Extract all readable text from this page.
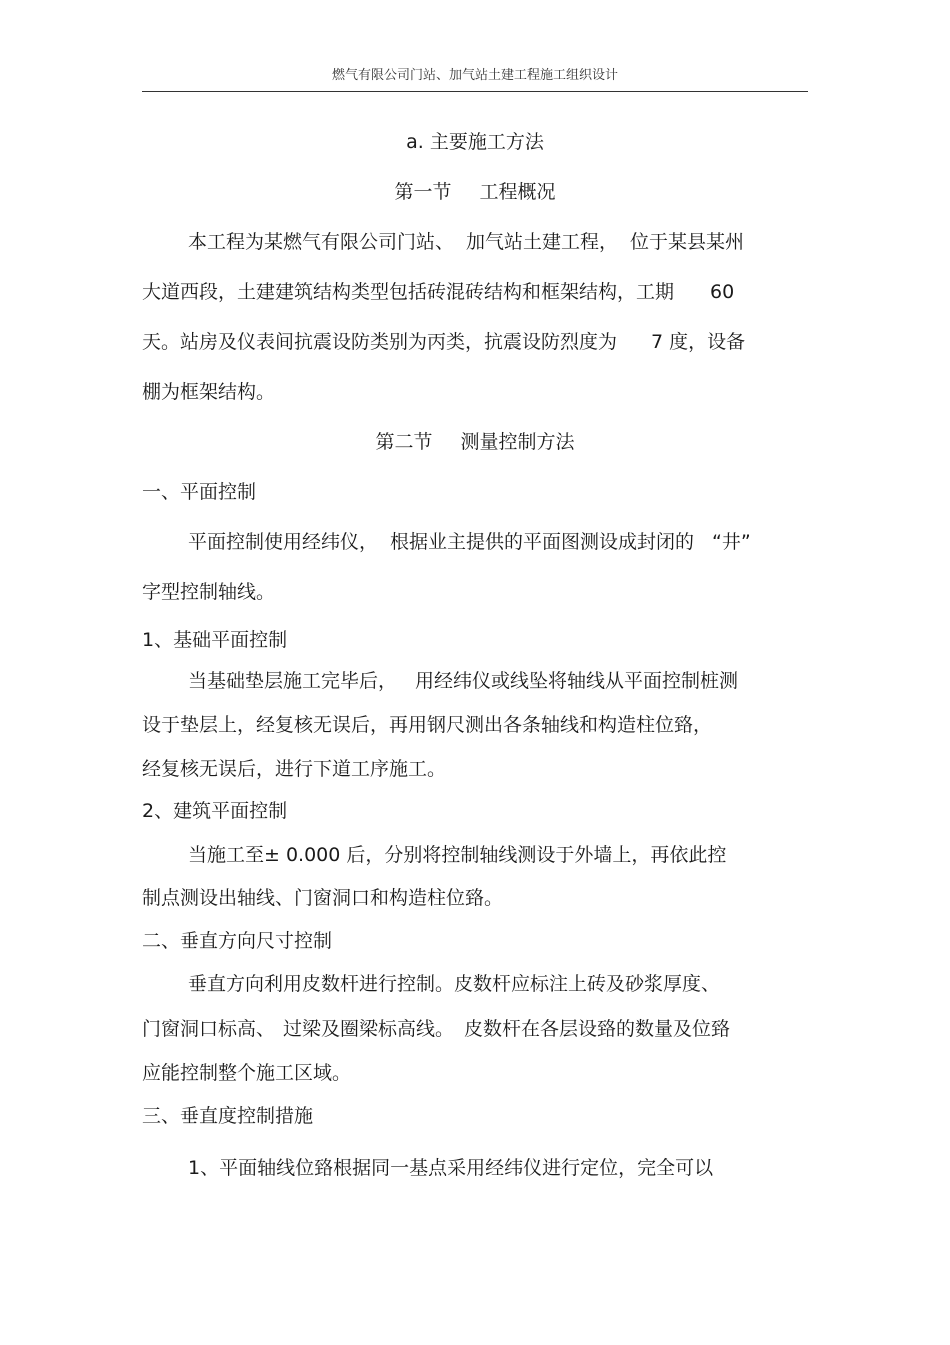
燃气有限公司门站、加气站土建工程施工组织设计
a. 主要施工方法
第一节 工程概况
本工程为某燃气有限公司门站、 加气站土建工程， 位于某县某州
大道西段，土建建筑结构类型包括砖混砖结构和框架结构，工期 60
天。站房及仪表间抗震设防类别为丙类，抗震设防烈度为 7 度，设备
棚为框架结构。
第二节 测量控制方法
一、平面控制
平面控制使用经纬仪， 根据业主提供的平面图测设成封闭的 “井”
字型控制轴线。
1、基础平面控制
当基础垫层施工完毕后， 用经纬仪或线坠将轴线从平面控制桩测
设于垫层上，经复核无误后，再用钢尺测出各条轴线和构造柱位臵，
经复核无误后，进行下道工序施工。
2、建筑平面控制
当施工至± 0.000 后，分别将控制轴线测设于外墙上，再依此控
制点测设出轴线、门窗洞口和构造柱位臵。
二、垂直方向尺寸控制
垂直方向利用皮数杆进行控制。皮数杆应标注上砖及砂浆厚度、
门窗洞口标高、 过梁及圈梁标高线。 皮数杆在各层设臵的数量及位臵
应能控制整个施工区域。
三、垂直度控制措施
1、平面轴线位臵根据同一基点采用经纬仪进行定位，完全可以
